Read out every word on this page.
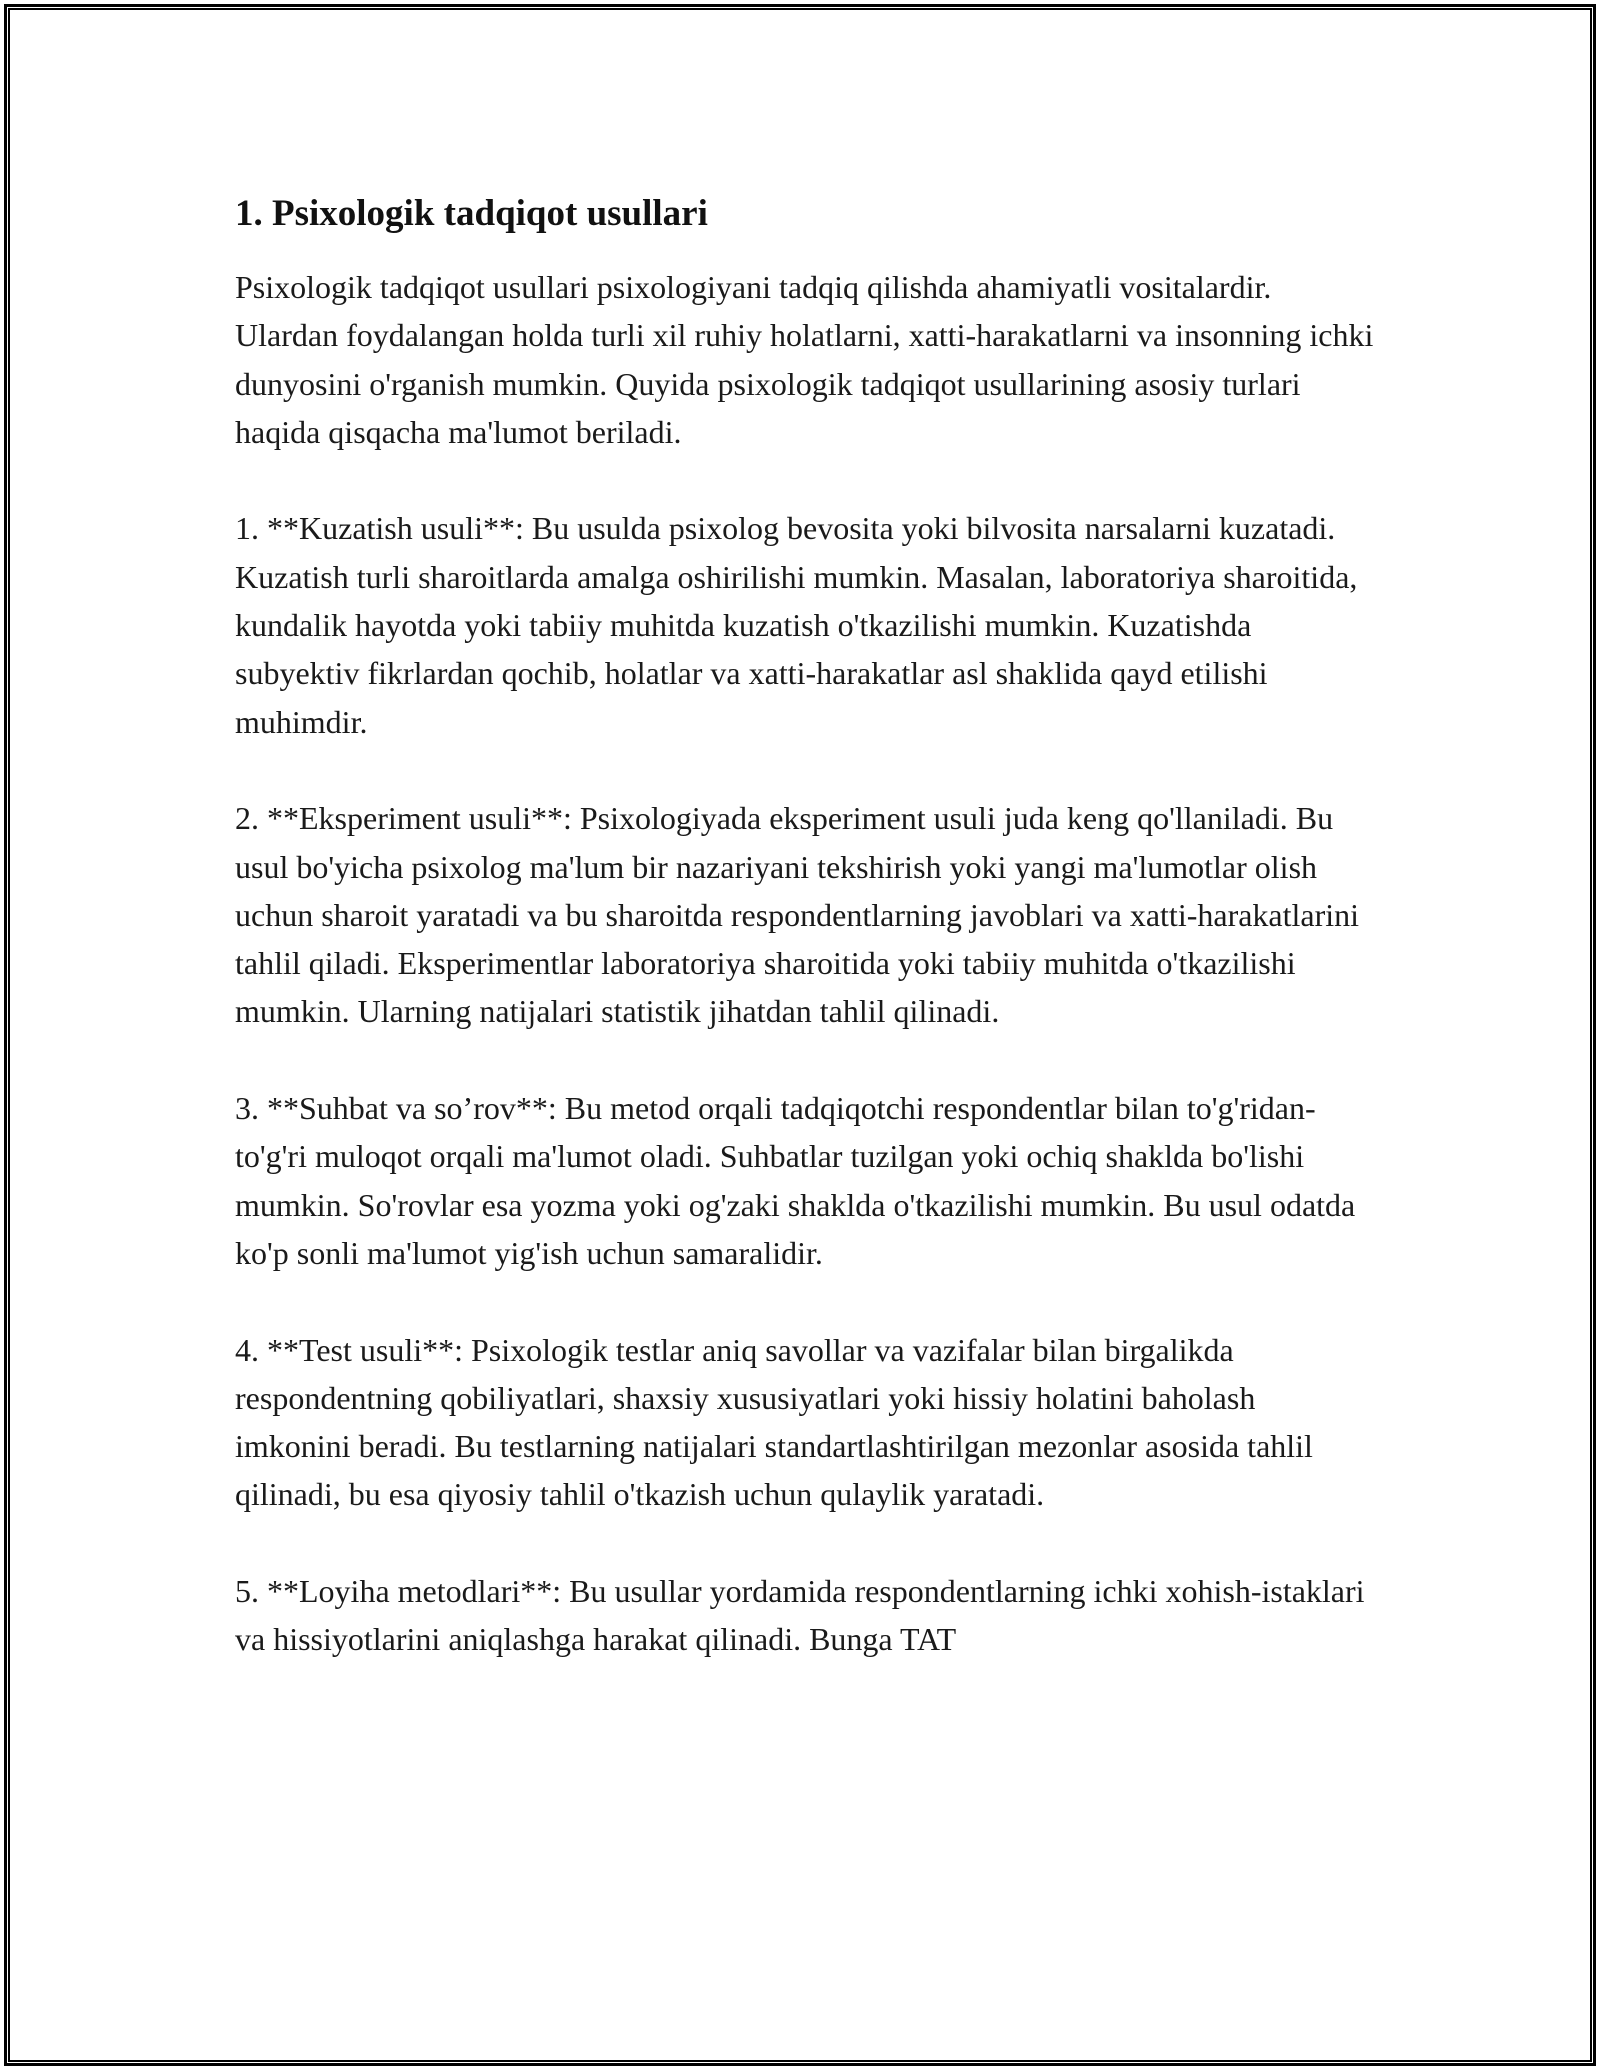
1. Psixologik tadqiqot usullari

Psixologik tadqiqot usullari psixologiyani tadqiq qilishda ahamiyatli vositalardir. Ulardan foydalangan holda turli xil ruhiy holatlarni, xatti-harakatlarni va insonning ichki dunyosini o'rganish mumkin. Quyida psixologik tadqiqot usullarining asosiy turlari haqida qisqacha ma'lumot beriladi.

1. **Kuzatish usuli**: Bu usulda psixolog bevosita yoki bilvosita narsalarni kuzatadi. Kuzatish turli sharoitlarda amalga oshirilishi mumkin. Masalan, laboratoriya sharoitida, kundalik hayotda yoki tabiiy muhitda kuzatish o'tkazilishi mumkin. Kuzatishda subyektiv fikrlardan qochib, holatlar va xatti-harakatlar asl shaklida qayd etilishi muhimdir.

2. **Eksperiment usuli**: Psixologiyada eksperiment usuli juda keng qo'llaniladi. Bu usul bo'yicha psixolog ma'lum bir nazariyani tekshirish yoki yangi ma'lumotlar olish uchun sharoit yaratadi va bu sharoitda respondentlarning javoblari va xatti-harakatlarini tahlil qiladi. Eksperimentlar laboratoriya sharoitida yoki tabiiy muhitda o'tkazilishi mumkin. Ularning natijalari statistik jihatdan tahlil qilinadi.

3. **Suhbat va so’rov**: Bu metod orqali tadqiqotchi respondentlar bilan to'g'ridan-to'g'ri muloqot orqali ma'lumot oladi. Suhbatlar tuzilgan yoki ochiq shaklda bo'lishi mumkin. So'rovlar esa yozma yoki og'zaki shaklda o'tkazilishi mumkin. Bu usul odatda ko'p sonli ma'lumot yig'ish uchun samaralidir.

4. **Test usuli**: Psixologik testlar aniq savollar va vazifalar bilan birgalikda respondentning qobiliyatlari, shaxsiy xususiyatlari yoki hissiy holatini baholash imkonini beradi. Bu testlarning natijalari standartlashtirilgan mezonlar asosida tahlil qilinadi, bu esa qiyosiy tahlil o'tkazish uchun qulaylik yaratadi.

5. **Loyiha metodlari**: Bu usullar yordamida respondentlarning ichki xohish-istaklari va hissiyotlarini aniqlashga harakat qilinadi. Bunga TAT
